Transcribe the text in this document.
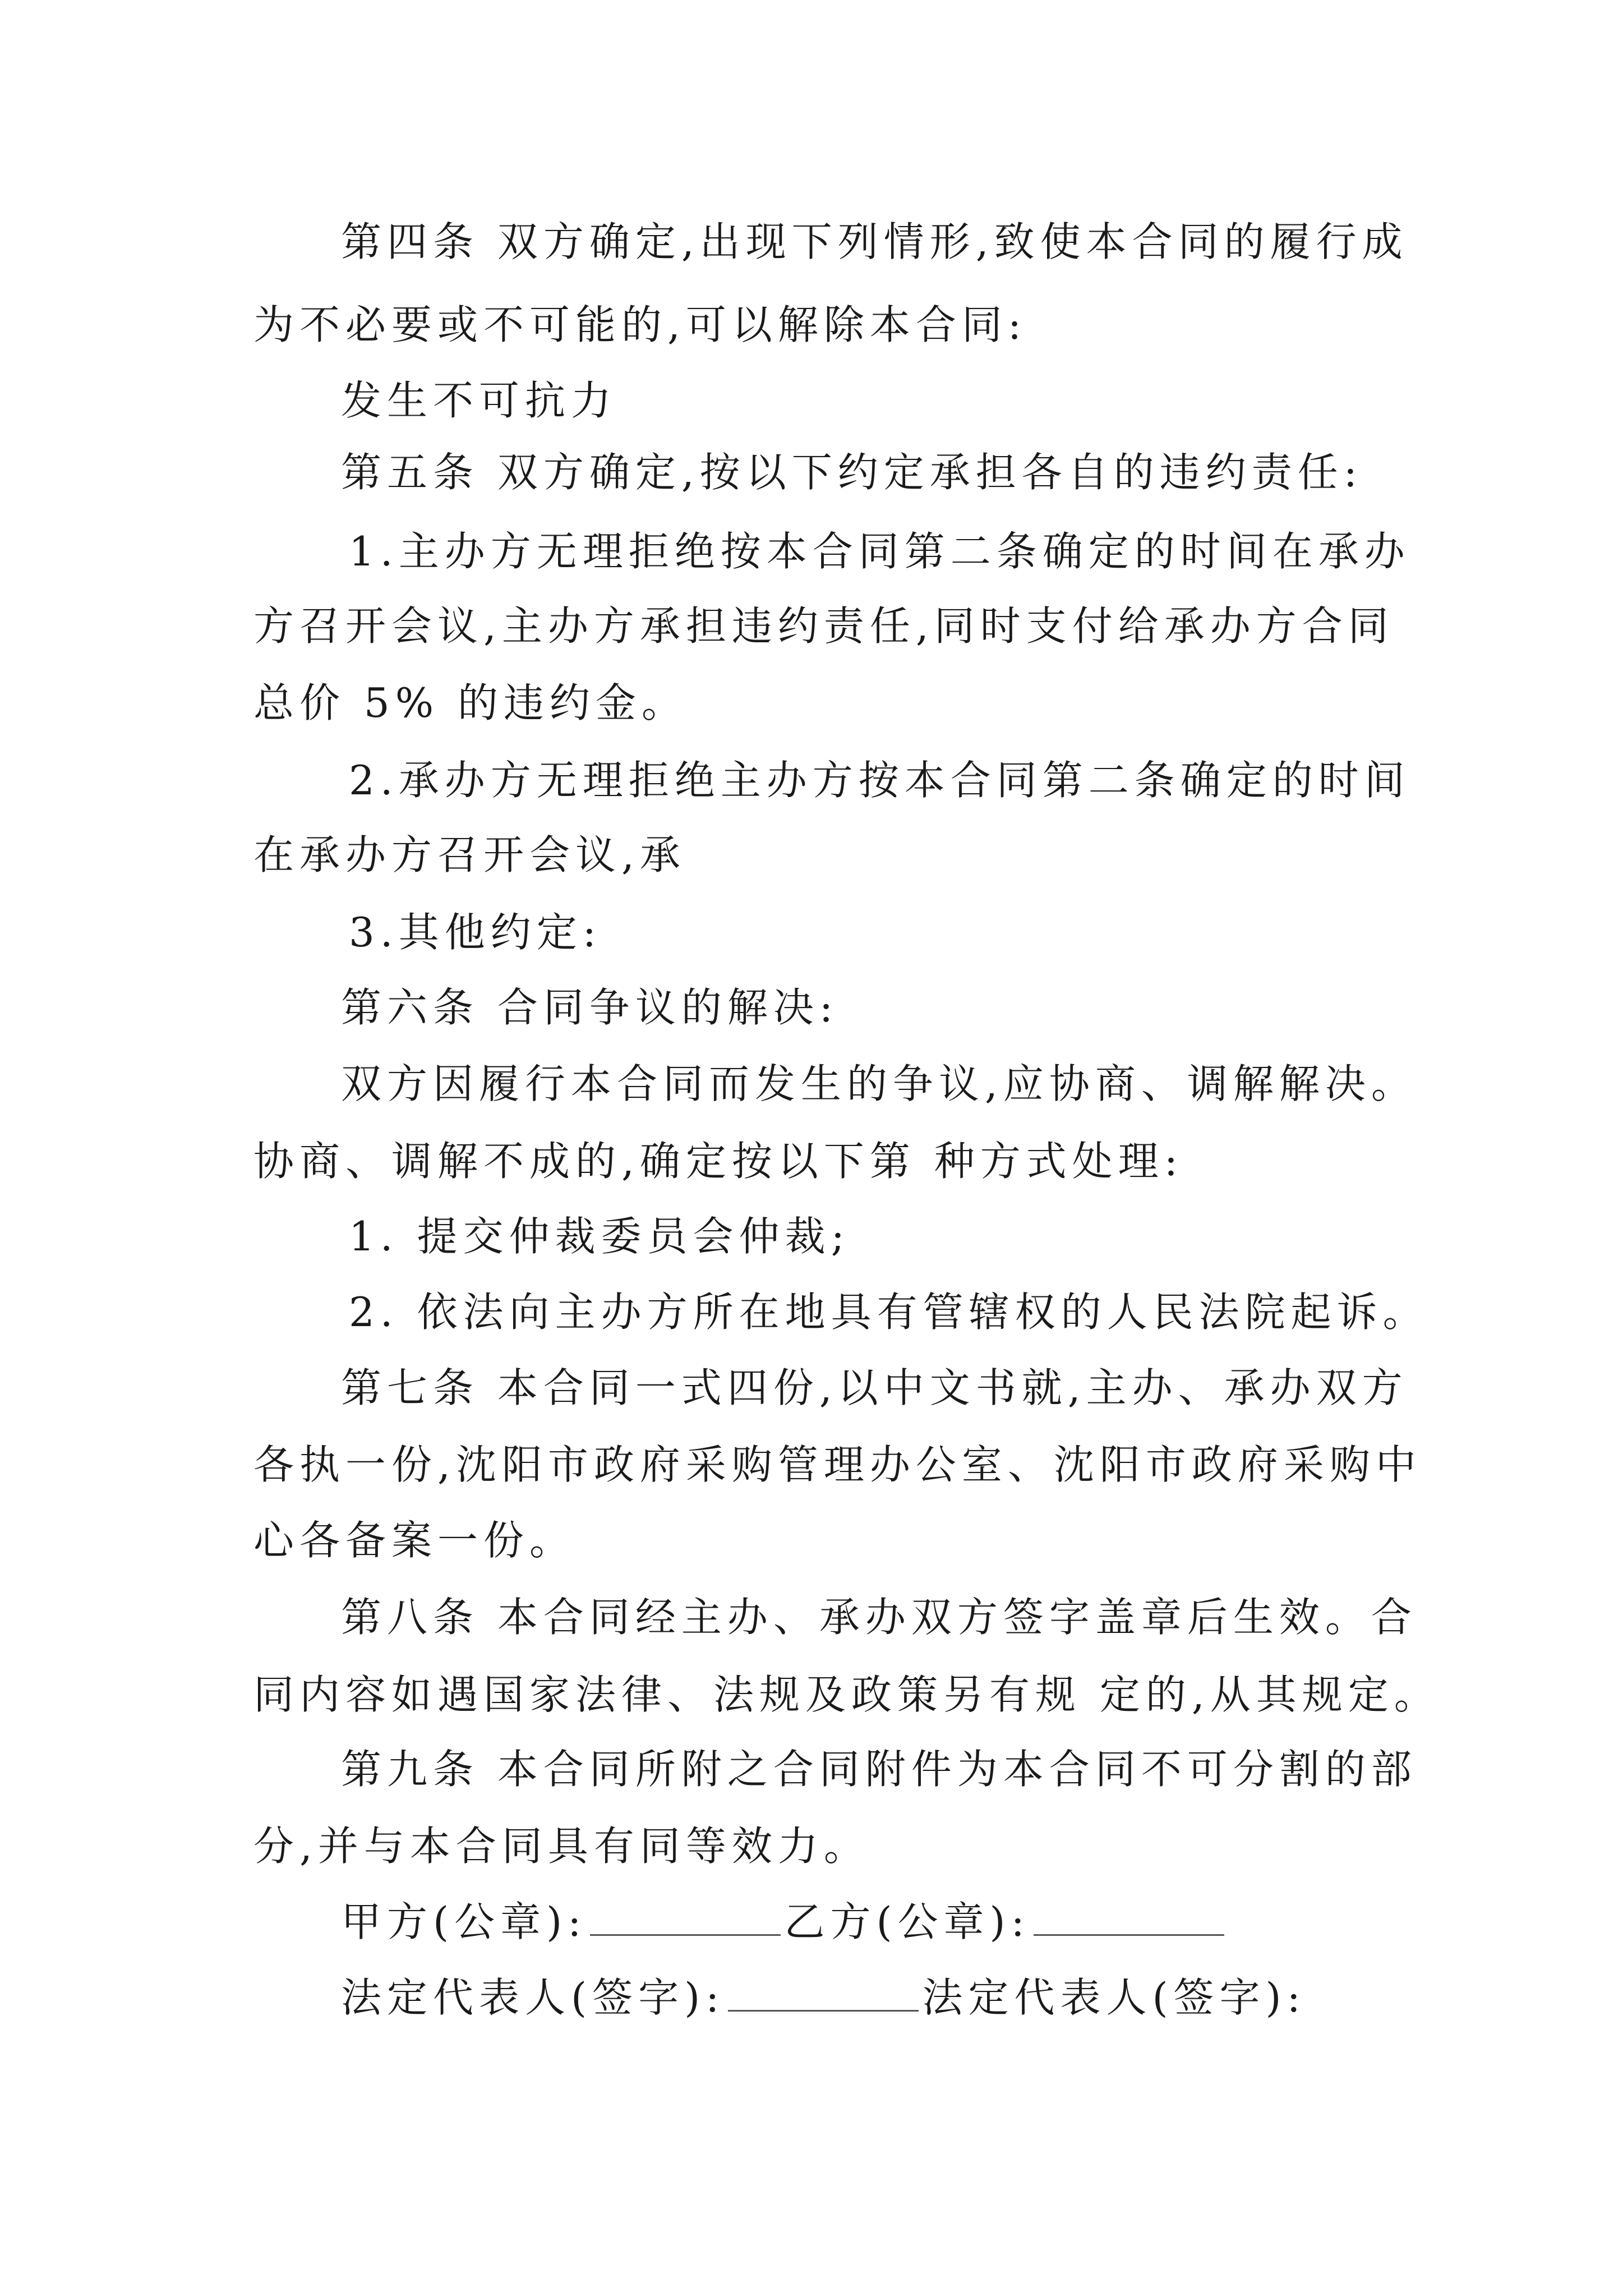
第四条 双方确定,出现下列情形,致使本合同的履行成
为不必要或不可能的,可以解除本合同:
发生不可抗力
第五条 双方确定,按以下约定承担各自的违约责任:
1.主办方无理拒绝按本合同第二条确定的时间在承办
方召开会议,主办方承担违约责任,同时支付给承办方合同
总价 5% 的违约金。
2.承办方无理拒绝主办方按本合同第二条确定的时间
在承办方召开会议,承
3.其他约定:
第六条 合同争议的解决:
双方因履行本合同而发生的争议,应协商、调解解决。
协商、调解不成的,确定按以下第 种方式处理:
1. 提交仲裁委员会仲裁;
2. 依法向主办方所在地具有管辖权的人民法院起诉。
第七条 本合同一式四份,以中文书就,主办、承办双方
各执一份,沈阳市政府采购管理办公室、沈阳市政府采购中
心各备案一份。
第八条 本合同经主办、承办双方签字盖章后生效。合
同内容如遇国家法律、法规及政策另有规 定的,从其规定。
第九条 本合同所附之合同附件为本合同不可分割的部
分,并与本合同具有同等效力。
甲方(公章):	乙方(公章):
法定代表人(签字):	法定代表人(签字):
